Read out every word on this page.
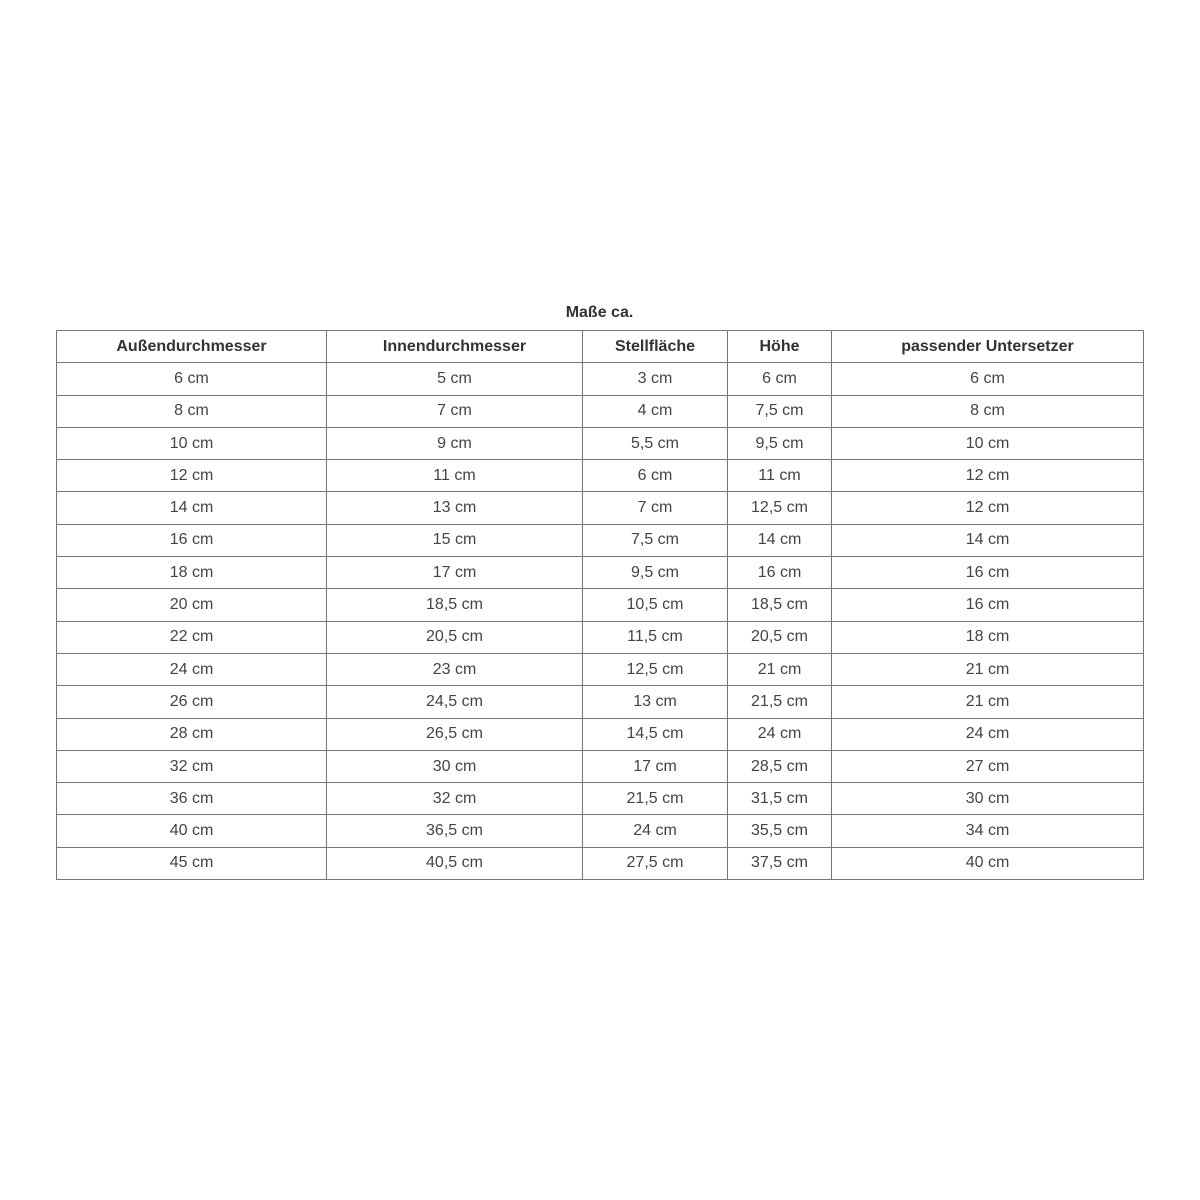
Maße ca.
Außendurchmesser	Innendurchmesser	Stellfläche	Höhe	passender Untersetzer
6 cm	5 cm	3 cm	6 cm	6 cm
8 cm	7 cm	4 cm	7,5 cm	8 cm
10 cm	9 cm	5,5 cm	9,5 cm	10 cm
12 cm	11 cm	6 cm	11 cm	12 cm
14 cm	13 cm	7 cm	12,5 cm	12 cm
16 cm	15 cm	7,5 cm	14 cm	14 cm
18 cm	17 cm	9,5 cm	16 cm	16 cm
20 cm	18,5 cm	10,5 cm	18,5 cm	16 cm
22 cm	20,5 cm	11,5 cm	20,5 cm	18 cm
24 cm	23 cm	12,5 cm	21 cm	21 cm
26 cm	24,5 cm	13 cm	21,5 cm	21 cm
28 cm	26,5 cm	14,5 cm	24 cm	24 cm
32 cm	30 cm	17 cm	28,5 cm	27 cm
36 cm	32 cm	21,5 cm	31,5 cm	30 cm
40 cm	36,5 cm	24 cm	35,5 cm	34 cm
45 cm	40,5 cm	27,5 cm	37,5 cm	40 cm
